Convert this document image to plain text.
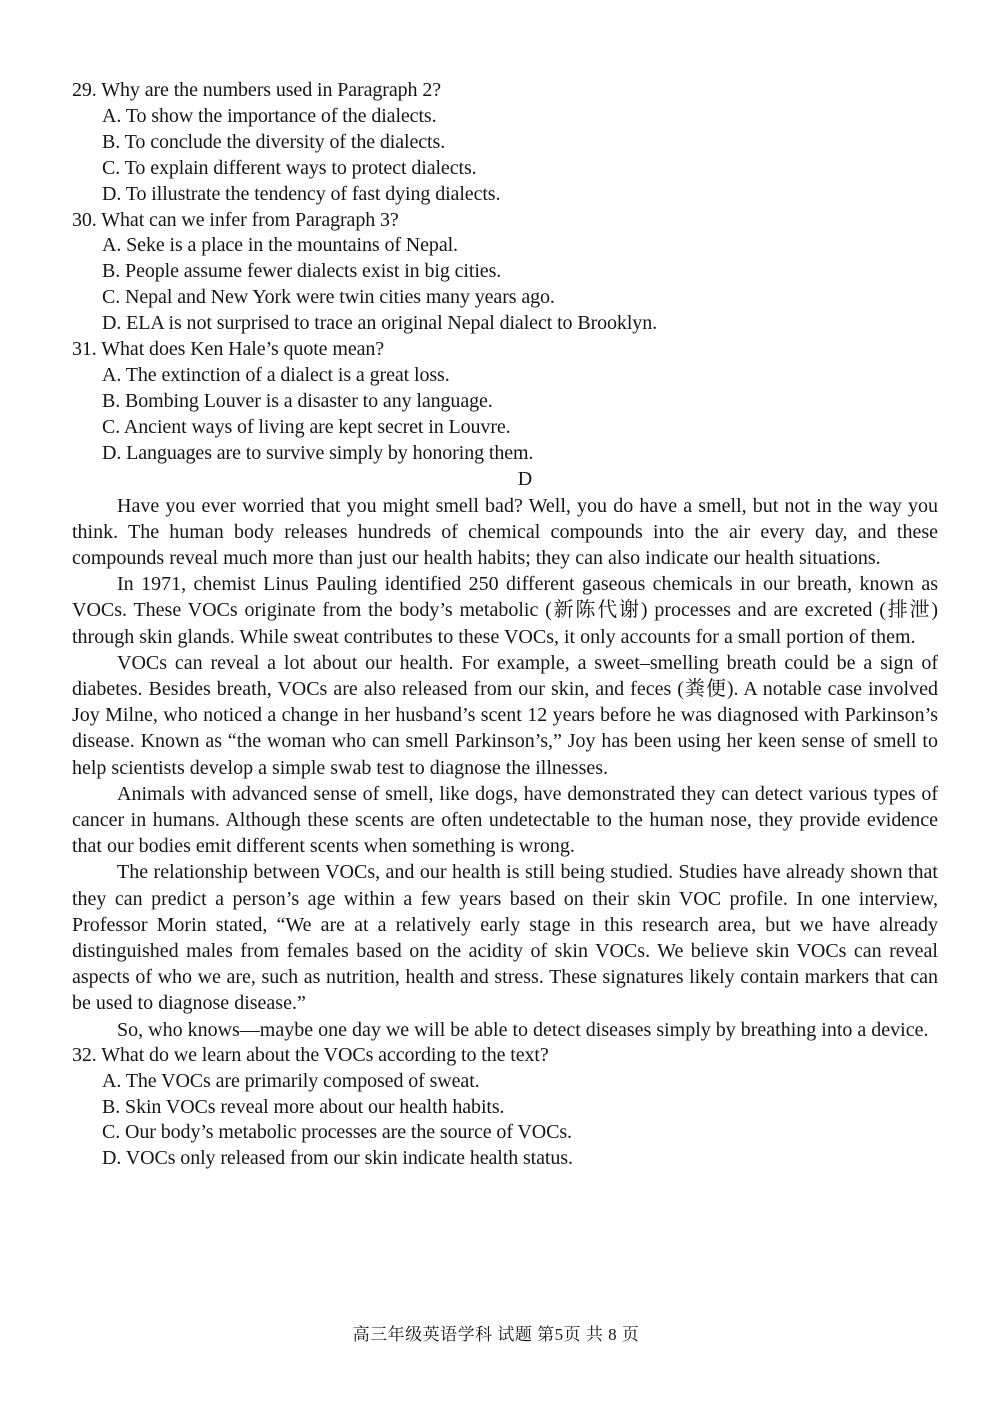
29. Why are the numbers used in Paragraph 2?
A. To show the importance of the dialects.
B. To conclude the diversity of the dialects.
C. To explain different ways to protect dialects.
D. To illustrate the tendency of fast dying dialects.
30. What can we infer from Paragraph 3?
A. Seke is a place in the mountains of Nepal.
B. People assume fewer dialects exist in big cities.
C. Nepal and New York were twin cities many years ago.
D. ELA is not surprised to trace an original Nepal dialect to Brooklyn.
31. What does Ken Hale’s quote mean?
A. The extinction of a dialect is a great loss.
B. Bombing Louver is a disaster to any language.
C. Ancient ways of living are kept secret in Louvre.
D. Languages are to survive simply by honoring them.
D
Have you ever worried that you might smell bad? Well, you do have a smell, but not in the way you think. The human body releases hundreds of chemical compounds into the air every day, and these compounds reveal much more than just our health habits; they can also indicate our health situations.
In 1971, chemist Linus Pauling identified 250 different gaseous chemicals in our breath, known as VOCs. These VOCs originate from the body’s metabolic (新陈代谢) processes and are excreted (排泄) through skin glands. While sweat contributes to these VOCs, it only accounts for a small portion of them.
VOCs can reveal a lot about our health. For example, a sweet–smelling breath could be a sign of diabetes. Besides breath, VOCs are also released from our skin, and feces (粪便). A notable case involved Joy Milne, who noticed a change in her husband’s scent 12 years before he was diagnosed with Parkinson’s disease. Known as “the woman who can smell Parkinson’s,” Joy has been using her keen sense of smell to help scientists develop a simple swab test to diagnose the illnesses.
Animals with advanced sense of smell, like dogs, have demonstrated they can detect various types of cancer in humans. Although these scents are often undetectable to the human nose, they provide evidence that our bodies emit different scents when something is wrong.
The relationship between VOCs, and our health is still being studied. Studies have already shown that they can predict a person’s age within a few years based on their skin VOC profile. In one interview, Professor Morin stated, “We are at a relatively early stage in this research area, but we have already distinguished males from females based on the acidity of skin VOCs. We believe skin VOCs can reveal aspects of who we are, such as nutrition, health and stress. These signatures likely contain markers that can be used to diagnose disease.”
So, who knows—maybe one day we will be able to detect diseases simply by breathing into a device.
32. What do we learn about the VOCs according to the text?
A. The VOCs are primarily composed of sweat.
B. Skin VOCs reveal more about our health habits.
C. Our body’s metabolic processes are the source of VOCs.
D. VOCs only released from our skin indicate health status.
高三年级英语学科 试题 第5页 共 8 页
